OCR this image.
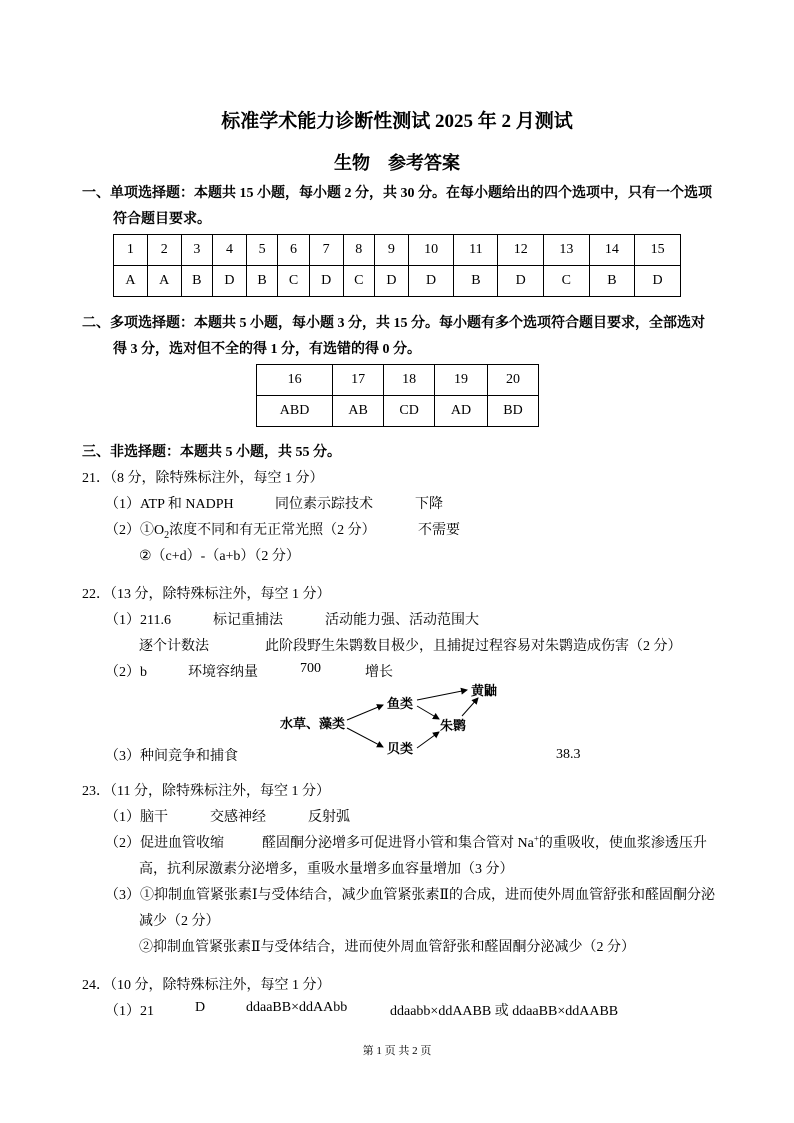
标准学术能力诊断性测试 2025 年 2 月测试
生物　参考答案
一、单项选择题：本题共 15 小题，每小题 2 分，共 30 分。在每小题给出的四个选项中，只有一个选项
符合题目要求。
1	2	3	4	5	6	7	8	9	10	11	12	13	14	15
A	A	B	D	B	C	D	C	D	D	B	D	C	B	D
二、多项选择题：本题共 5 小题，每小题 3 分，共 15 分。每小题有多个选项符合题目要求，全部选对
得 3 分，选对但不全的得 1 分，有选错的得 0 分。
16	17	18	19	20
ABD	AB	CD	AD	BD
三、非选择题：本题共 5 小题，共 55 分。
21．（8 分，除特殊标注外，每空 1 分）
（1）ATP 和 NADPH	同位素示踪技术	下降
$(2)①O_2$浓度不同和有无正常光照（2 分）	不需要
②（c+d）-（a+b）（2 分）
22．（13 分，除特殊标注外，每空 1 分）
（1）211.6	标记重捕法	活动能力强、活动范围大
逐个计数法	此阶段野生朱鹮数目极少，且捕捉过程容易对朱鹮造成伤害（2 分）
（2）b	环境容纳量	700	增长
水草、藻类
鱼类
贝类
朱鹮
黄鼬
（3）种间竞争和捕食	38.3
23．（11 分，除特殊标注外，每空 1 分）
（1）脑干	交感神经	反射弧
（2）促进血管收缩	醛固酮分泌增多可促进肾小管和集合管对 Na+的重吸收，使血浆渗透压升
高，抗利尿激素分泌增多，重吸水量增多血容量增加（3 分）
（3）①抑制血管紧张素Ⅰ与受体结合，减少血管紧张素Ⅱ的合成，进而使外周血管舒张和醛固酮分泌
减少（2 分）
②抑制血管紧张素Ⅱ与受体结合，进而使外周血管舒张和醛固酮分泌减少（2 分）
24．（10 分，除特殊标注外，每空 1 分）
（1）21	D	ddaaBB×ddAAbb	ddaabb×ddAABB 或 ddaaBB×ddAABB
第 1 页 共 2 页
